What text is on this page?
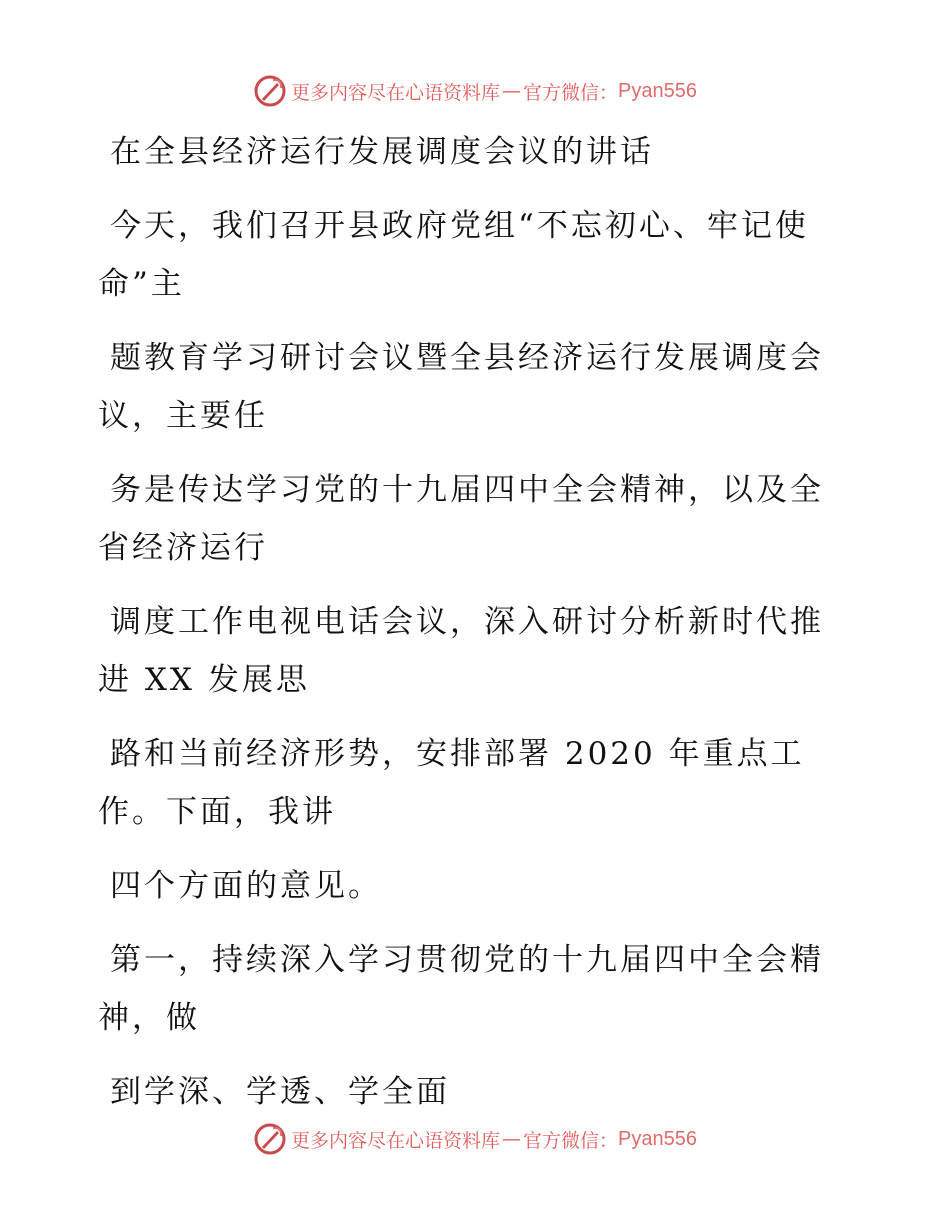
更多内容尽在心语资料库 — 官方微信： Pyan556
在全县经济运行发展调度会议的讲话
今天，我们召开县政府党组“不忘初心、牢记使
命”主
题教育学习研讨会议暨全县经济运行发展调度会
议，主要任
务是传达学习党的十九届四中全会精神，以及全
省经济运行
调度工作电视电话会议，深入研讨分析新时代推
进 XX 发展思
路和当前经济形势，安排部署 2020 年重点工
作。下面，我讲
四个方面的意见。
第一，持续深入学习贯彻党的十九届四中全会精
神，做
到学深、学透、学全面
更多内容尽在心语资料库 — 官方微信： Pyan556
